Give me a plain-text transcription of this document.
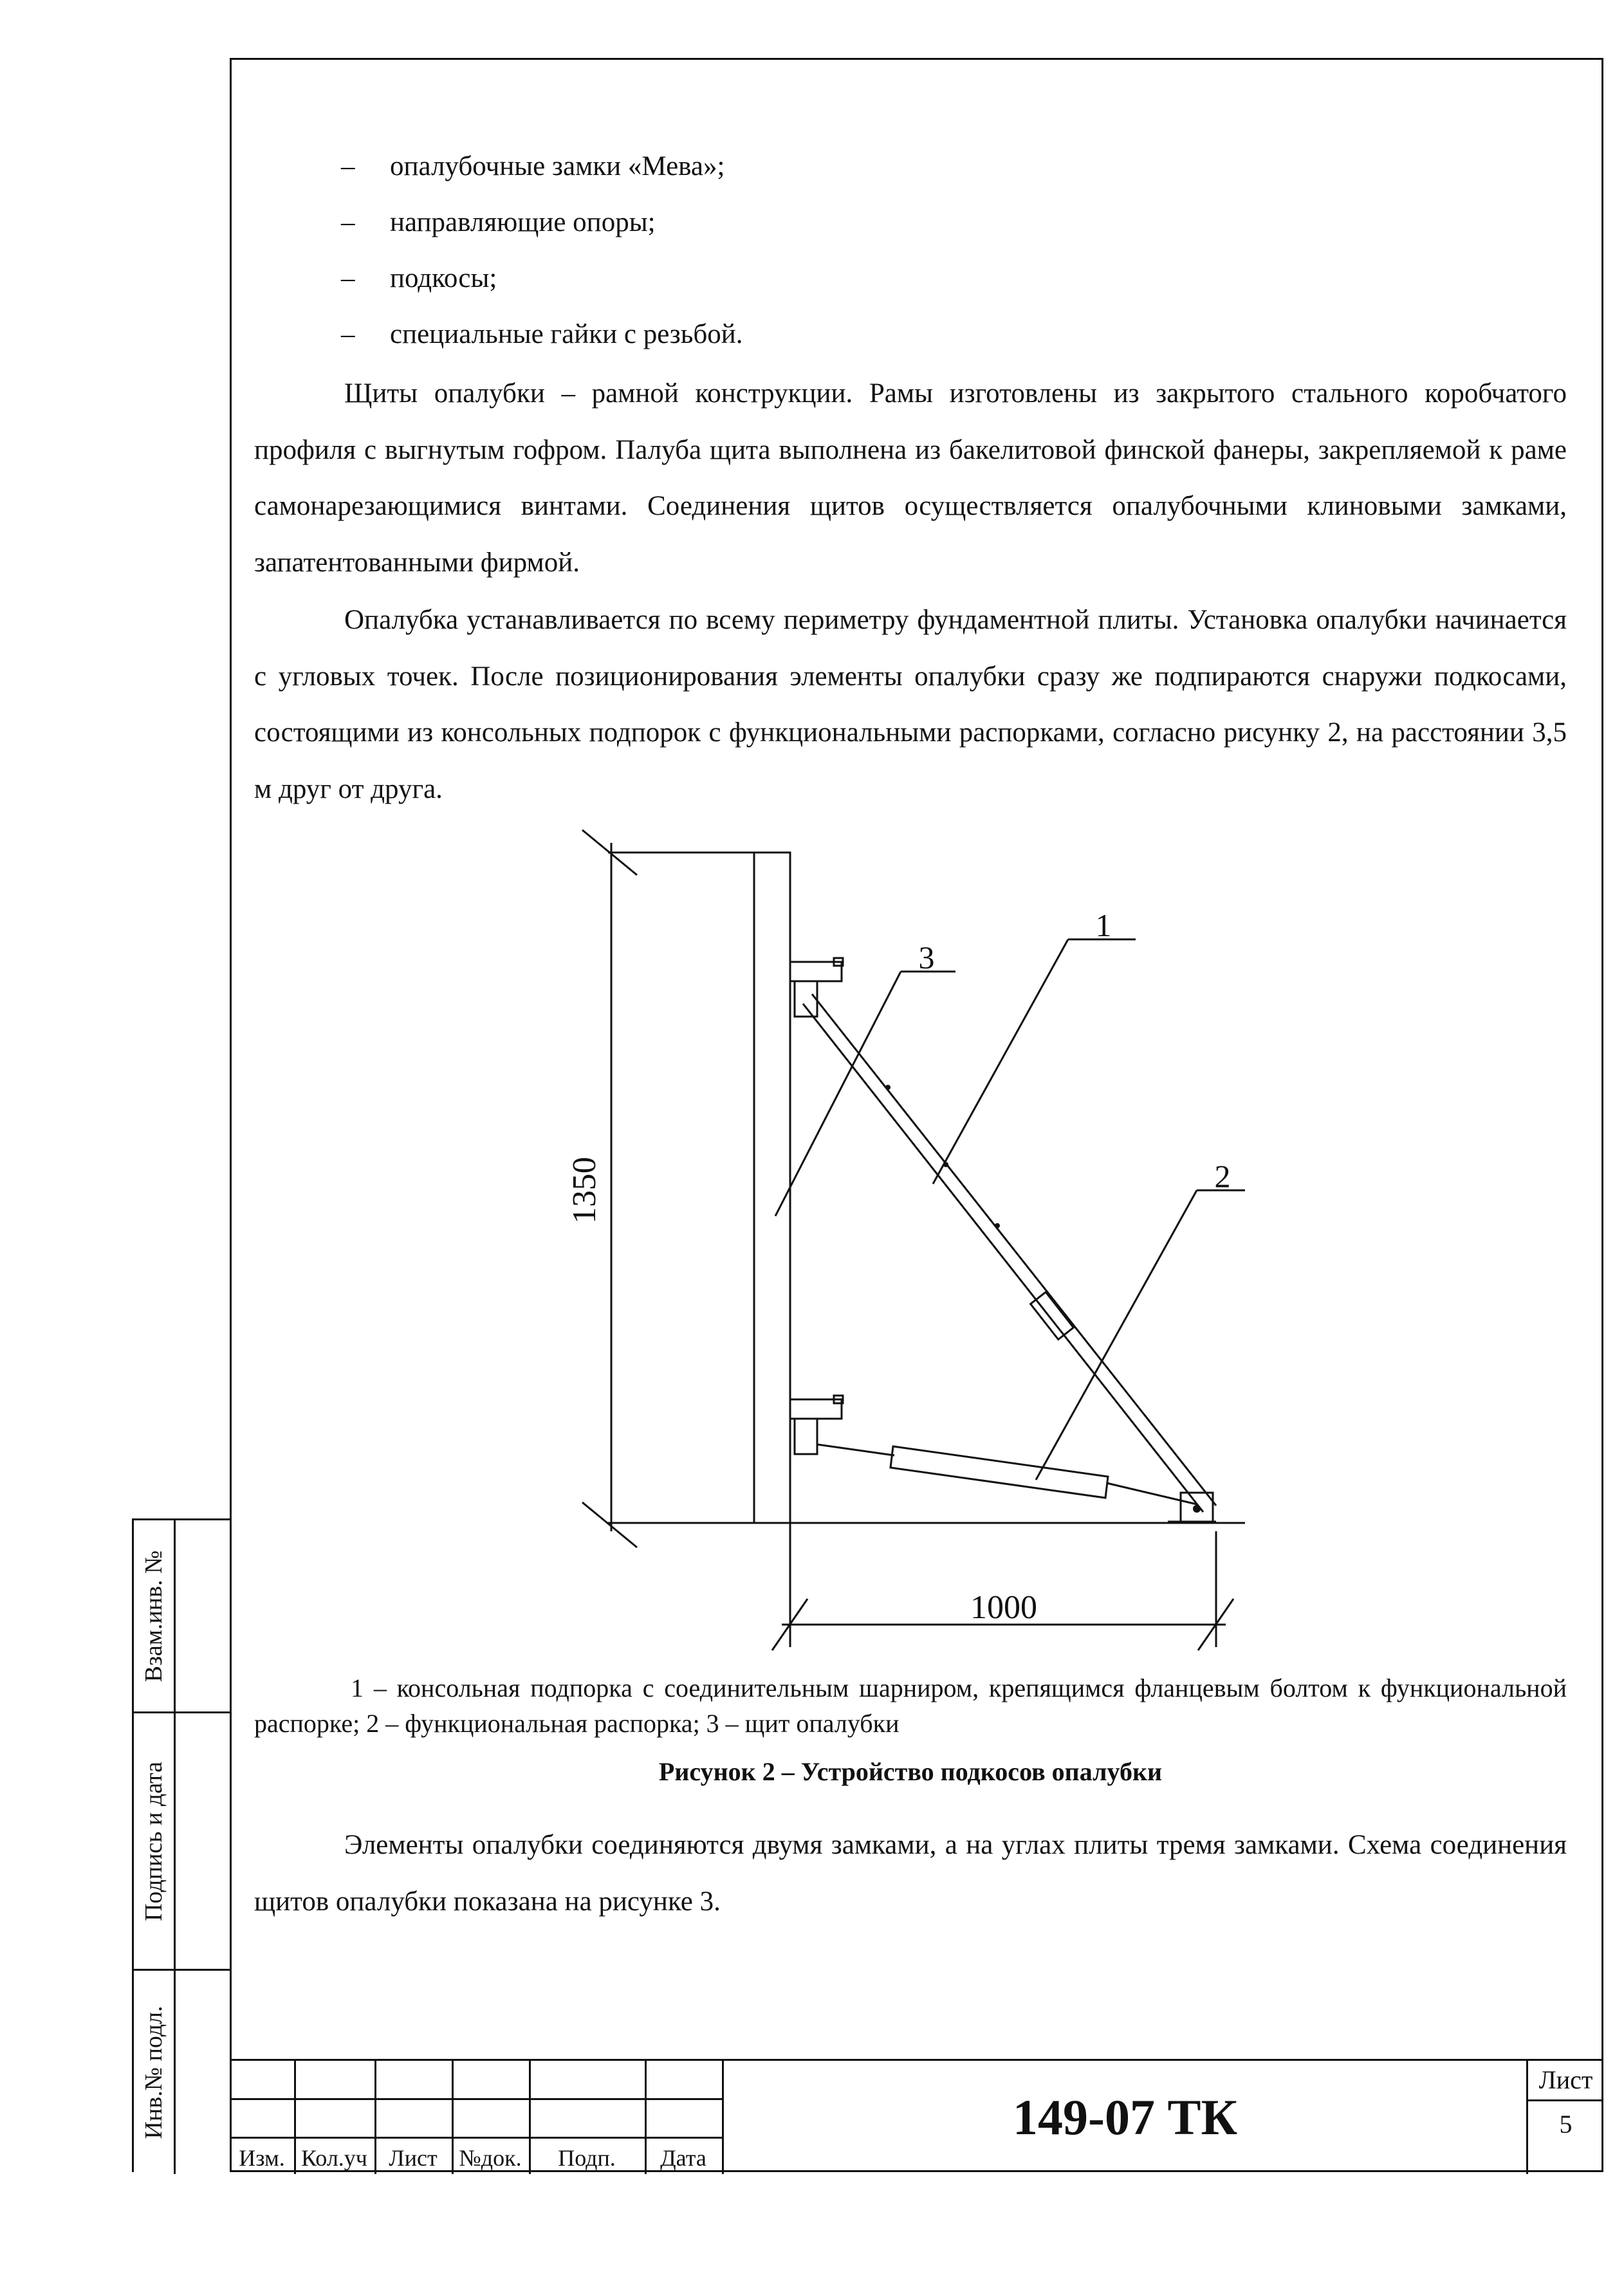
– опалубочные замки «Мева»;
– направляющие опоры;
– подкосы;
– специальные гайки с резьбой.

Щиты опалубки – рамной конструкции. Рамы изготовлены из закрытого стального коробчатого профиля с выгнутым гофром. Палуба щита выполнена из бакелитовой финской фанеры, закрепляемой к раме самонарезающимися винтами. Соединения щитов осуществляется опалубочными клиновыми замками, запатентованными фирмой.

Опалубка устанавливается по всему периметру фундаментной плиты. Установка опалубки начинается с угловых точек. После позиционирования элементы опалубки сразу же подпираются снаружи подкосами, состоящими из консольных подпорок с функциональными распорками, согласно рисунку 2, на расстоянии 3,5 м друг от друга.

1350
1000
3
1
2

1 – консольная подпорка с соединительным шарниром, крепящимся фланцевым болтом к функциональной распорке; 2 – функциональная распорка; 3 – щит опалубки

Рисунок 2 – Устройство подкосов опалубки

Элементы опалубки соединяются двумя замками, а на углах плиты тремя замками. Схема соединения щитов опалубки показана на рисунке 3.

Взам.инв. №
Подпись и дата
Инв.№ подл.
Изм. Кол.уч Лист №док.	Подп.	Дата
149-07 ТК
Лист
5
